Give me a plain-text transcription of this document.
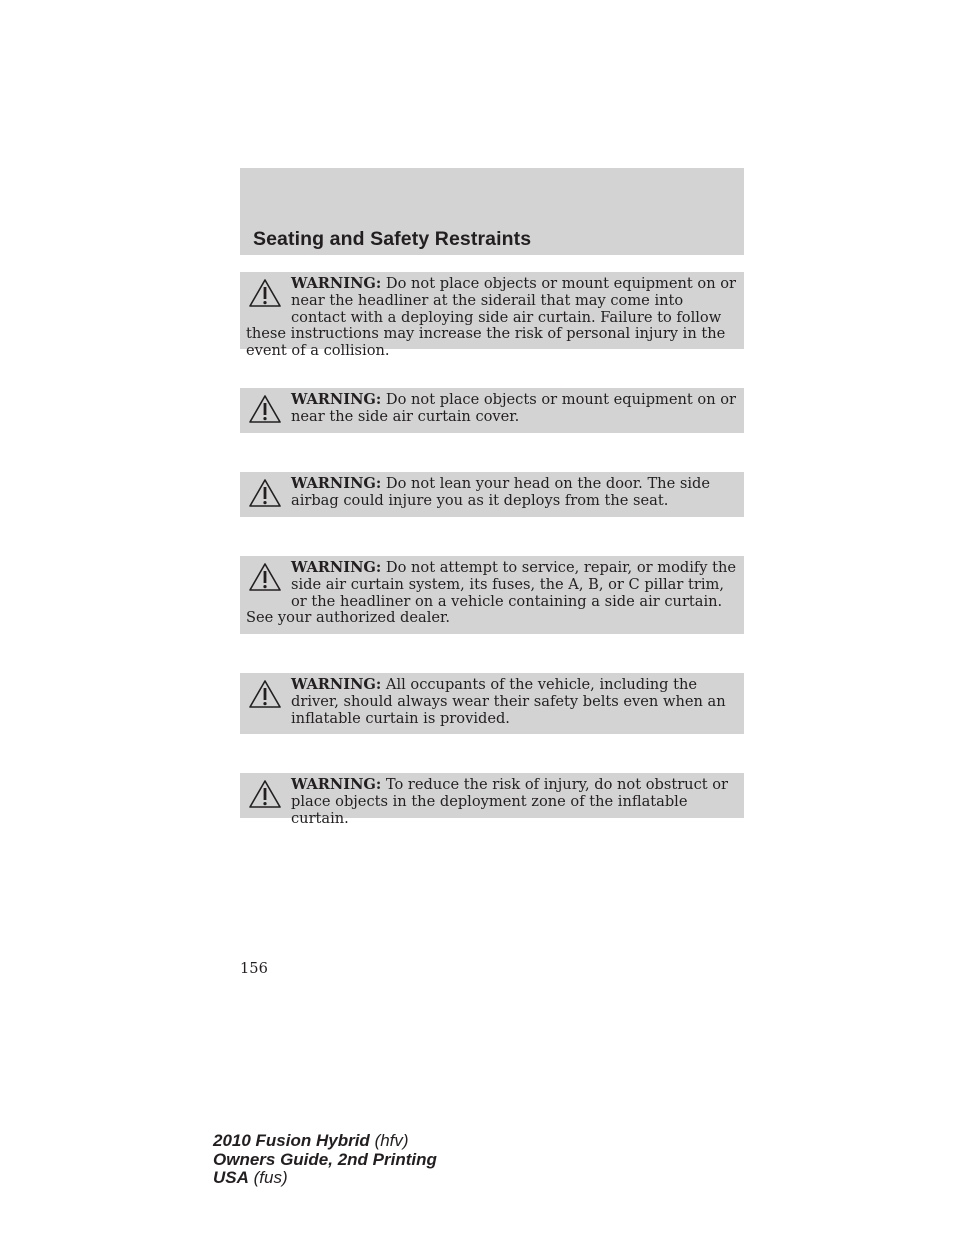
Seating and Safety Restraints
WARNING: Do not place objects or mount equipment on or near the headliner at the siderail that may come into contact with a deploying side air curtain. Failure to follow these instructions may increase the risk of personal injury in the event of a collision.
WARNING: Do not place objects or mount equipment on or near the side air curtain cover.
WARNING: Do not lean your head on the door. The side airbag could injure you as it deploys from the seat.
WARNING: Do not attempt to service, repair, or modify the side air curtain system, its fuses, the A, B, or C pillar trim, or the headliner on a vehicle containing a side air curtain. See your authorized dealer.
WARNING: All occupants of the vehicle, including the driver, should always wear their safety belts even when an inflatable curtain is provided.
WARNING: To reduce the risk of injury, do not obstruct or place objects in the deployment zone of the inflatable curtain.
156
2010 Fusion Hybrid (hfv)
Owners Guide, 2nd Printing
USA (fus)
